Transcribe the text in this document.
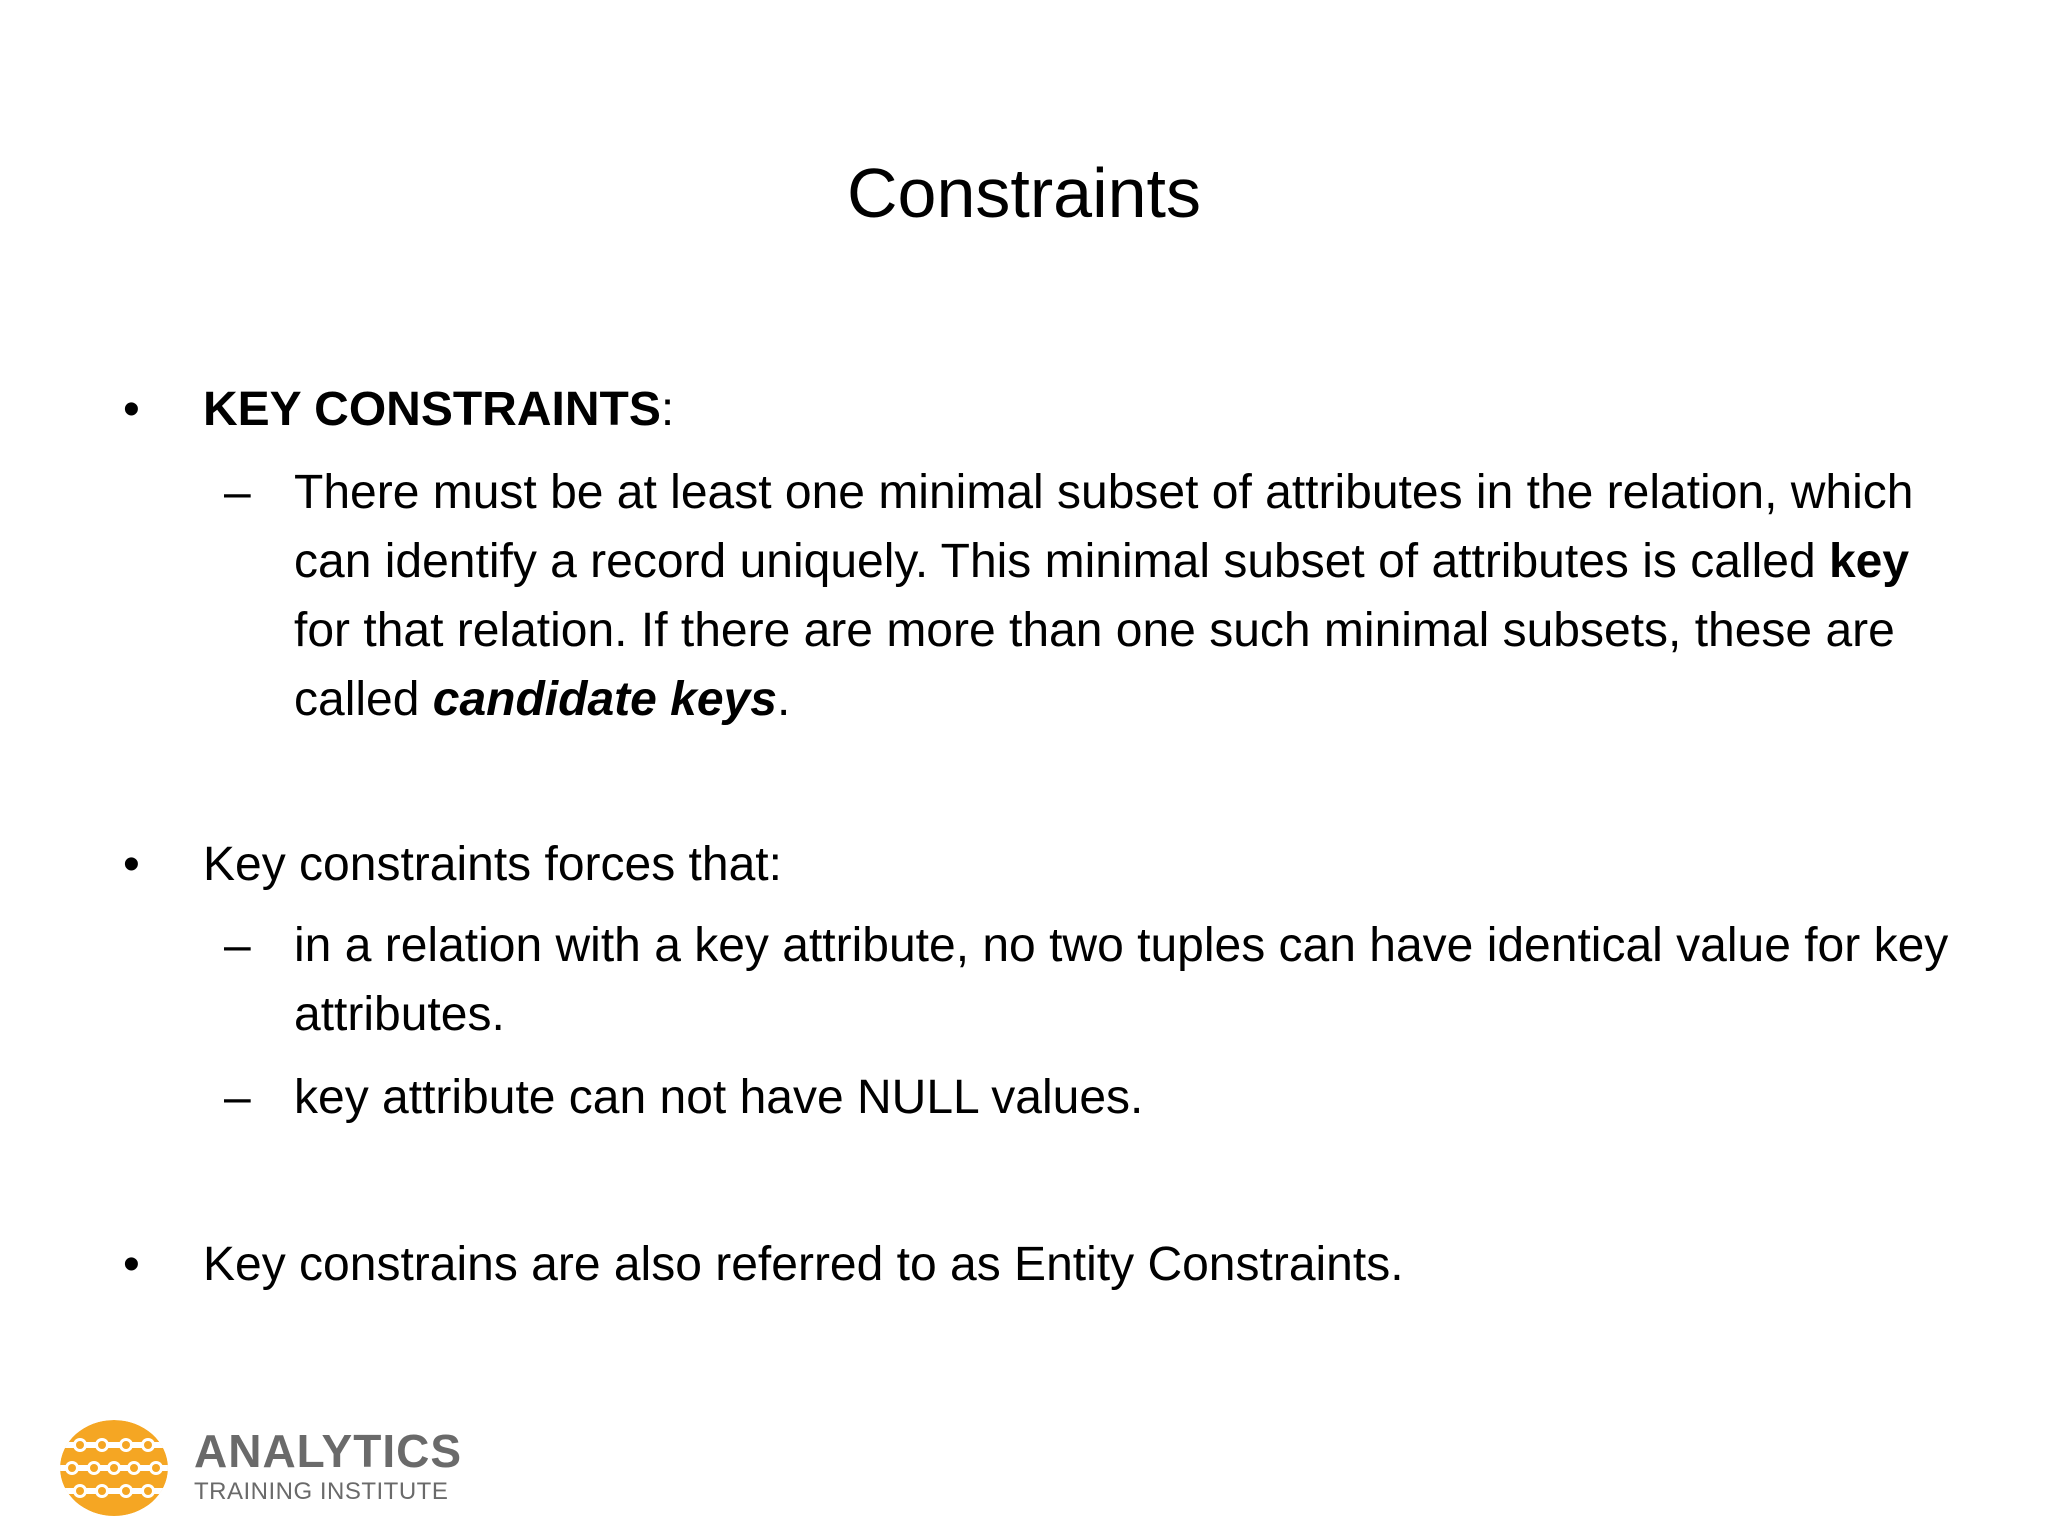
Constraints
• KEY CONSTRAINTS:
– There must be at least one minimal subset of attributes in the relation, which can identify a record uniquely. This minimal subset of attributes is called key for that relation. If there are more than one such minimal subsets, these are called candidate keys.
• Key constraints forces that:
– in a relation with a key attribute, no two tuples can have identical value for key attributes.
– key attribute can not have NULL values.
• Key constrains are also referred to as Entity Constraints.
ANALYTICS
TRAINING INSTITUTE
